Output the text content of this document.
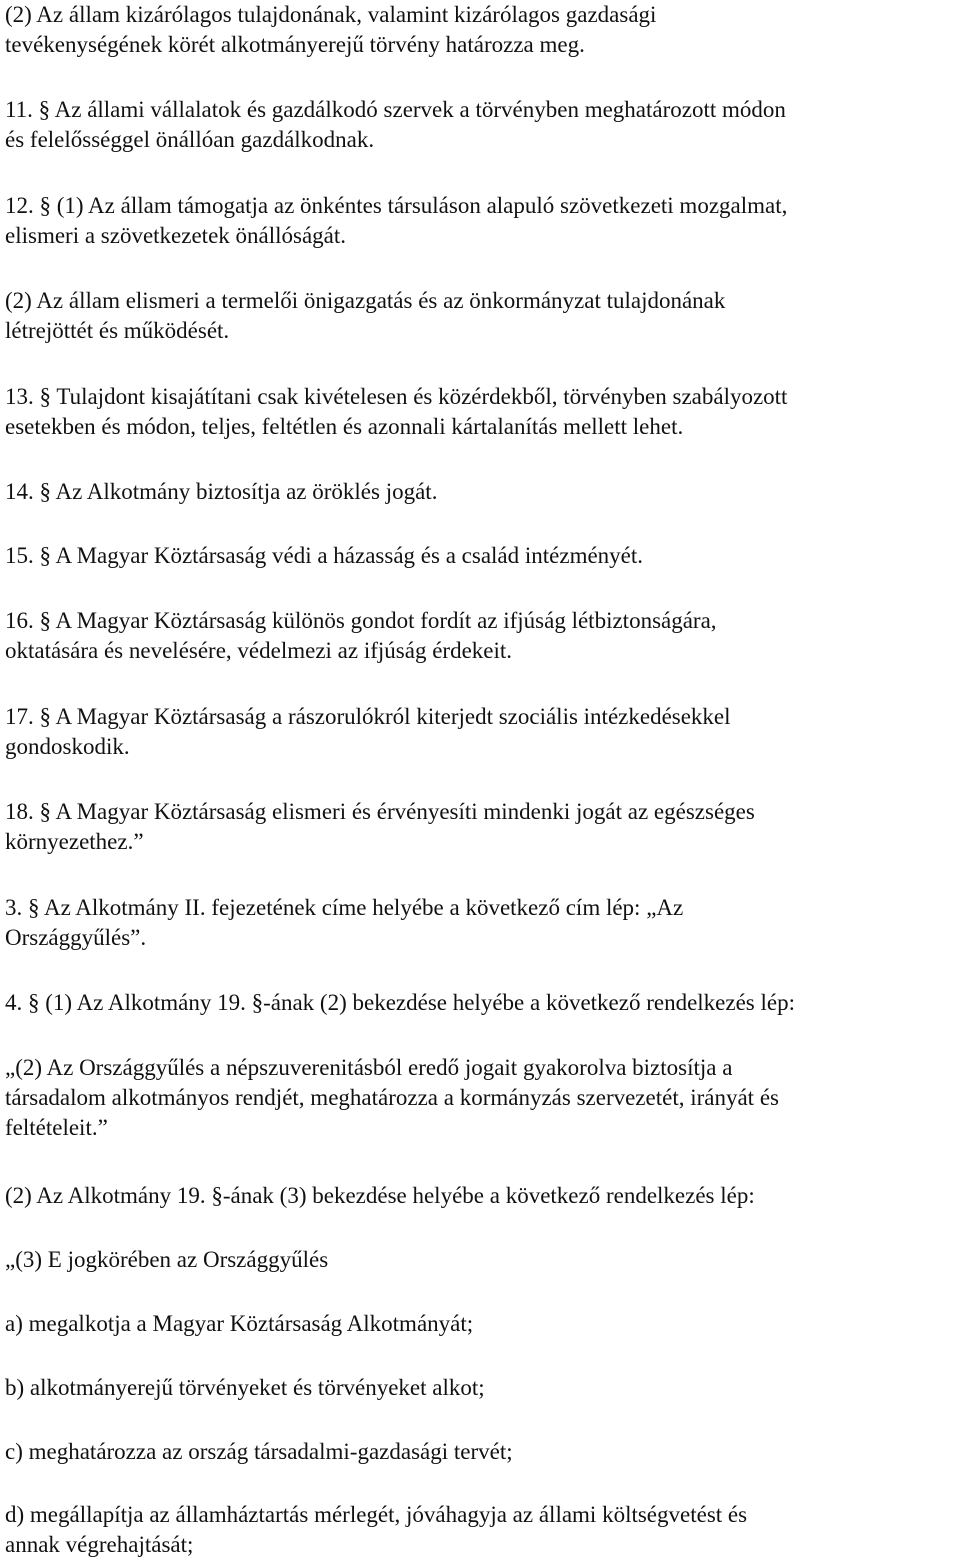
(2) Az állam kizárólagos tulajdonának, valamint kizárólagos gazdasági
tevékenységének körét alkotmányerejű törvény határozza meg.

11. § Az állami vállalatok és gazdálkodó szervek a törvényben meghatározott módon
és felelősséggel önállóan gazdálkodnak.

12. § (1) Az állam támogatja az önkéntes társuláson alapuló szövetkezeti mozgalmat,
elismeri a szövetkezetek önállóságát.

(2) Az állam elismeri a termelői önigazgatás és az önkormányzat tulajdonának
létrejöttét és működését.

13. § Tulajdont kisajátítani csak kivételesen és közérdekből, törvényben szabályozott
esetekben és módon, teljes, feltétlen és azonnali kártalanítás mellett lehet.

14. § Az Alkotmány biztosítja az öröklés jogát.

15. § A Magyar Köztársaság védi a házasság és a család intézményét.

16. § A Magyar Köztársaság különös gondot fordít az ifjúság létbiztonságára,
oktatására és nevelésére, védelmezi az ifjúság érdekeit.

17. § A Magyar Köztársaság a rászorulókról kiterjedt szociális intézkedésekkel
gondoskodik.

18. § A Magyar Köztársaság elismeri és érvényesíti mindenki jogát az egészséges
környezethez.”

3. § Az Alkotmány II. fejezetének címe helyébe a következő cím lép: „Az
Országgyűlés”.

4. § (1) Az Alkotmány 19. §-ának (2) bekezdése helyébe a következő rendelkezés lép:

„(2) Az Országgyűlés a népszuverenitásból eredő jogait gyakorolva biztosítja a
társadalom alkotmányos rendjét, meghatározza a kormányzás szervezetét, irányát és
feltételeit.”

(2) Az Alkotmány 19. §-ának (3) bekezdése helyébe a következő rendelkezés lép:

„(3) E jogkörében az Országgyűlés

a) megalkotja a Magyar Köztársaság Alkotmányát;

b) alkotmányerejű törvényeket és törvényeket alkot;

c) meghatározza az ország társadalmi-gazdasági tervét;

d) megállapítja az államháztartás mérlegét, jóváhagyja az állami költségvetést és
annak végrehajtását;
